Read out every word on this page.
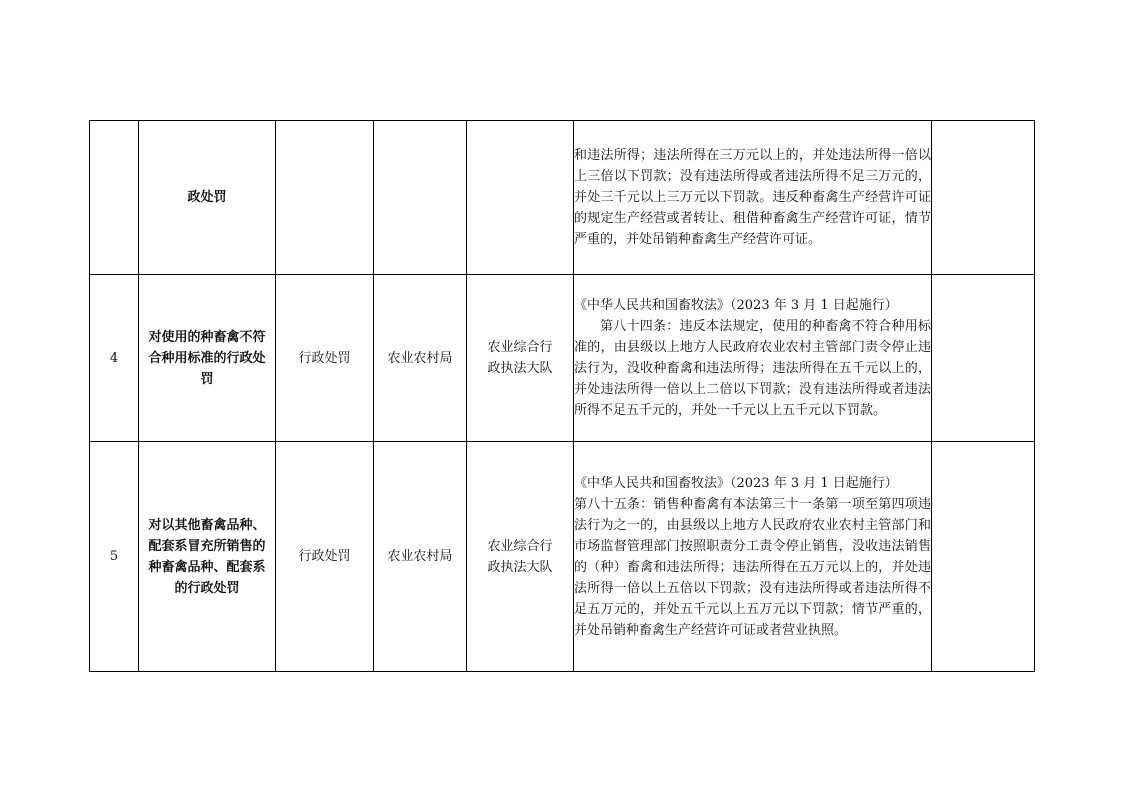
	政处罚				和违法所得；违法所得在三万元以上的，并处违法所得一倍以上三倍以下罚款；没有违法所得或者违法所得不足三万元的，并处三千元以上三万元以下罚款。违反种畜禽生产经营许可证的规定生产经营或者转让、租借种畜禽生产经营许可证，情节严重的，并处吊销种畜禽生产经营许可证。	

4	对使用的种畜禽不符合种用标准的行政处罚	行政处罚	农业农村局	农业综合行政执法大队	《中华人民共和国畜牧法》（2023 年 3 月 1 日起施行）
第八十四条：违反本法规定，使用的种畜禽不符合种用标准的，由县级以上地方人民政府农业农村主管部门责令停止违法行为，没收种畜禽和违法所得；违法所得在五千元以上的，并处违法所得一倍以上二倍以下罚款；没有违法所得或者违法所得不足五千元的，并处一千元以上五千元以下罚款。	

5	对以其他畜禽品种、配套系冒充所销售的种畜禽品种、配套系的行政处罚	行政处罚	农业农村局	农业综合行政执法大队	《中华人民共和国畜牧法》（2023 年 3 月 1 日起施行）
第八十五条：销售种畜禽有本法第三十一条第一项至第四项违法行为之一的，由县级以上地方人民政府农业农村主管部门和市场监督管理部门按照职责分工责令停止销售，没收违法销售的（种）畜禽和违法所得；违法所得在五万元以上的，并处违法所得一倍以上五倍以下罚款；没有违法所得或者违法所得不足五万元的，并处五千元以上五万元以下罚款；情节严重的，并处吊销种畜禽生产经营许可证或者营业执照。	
